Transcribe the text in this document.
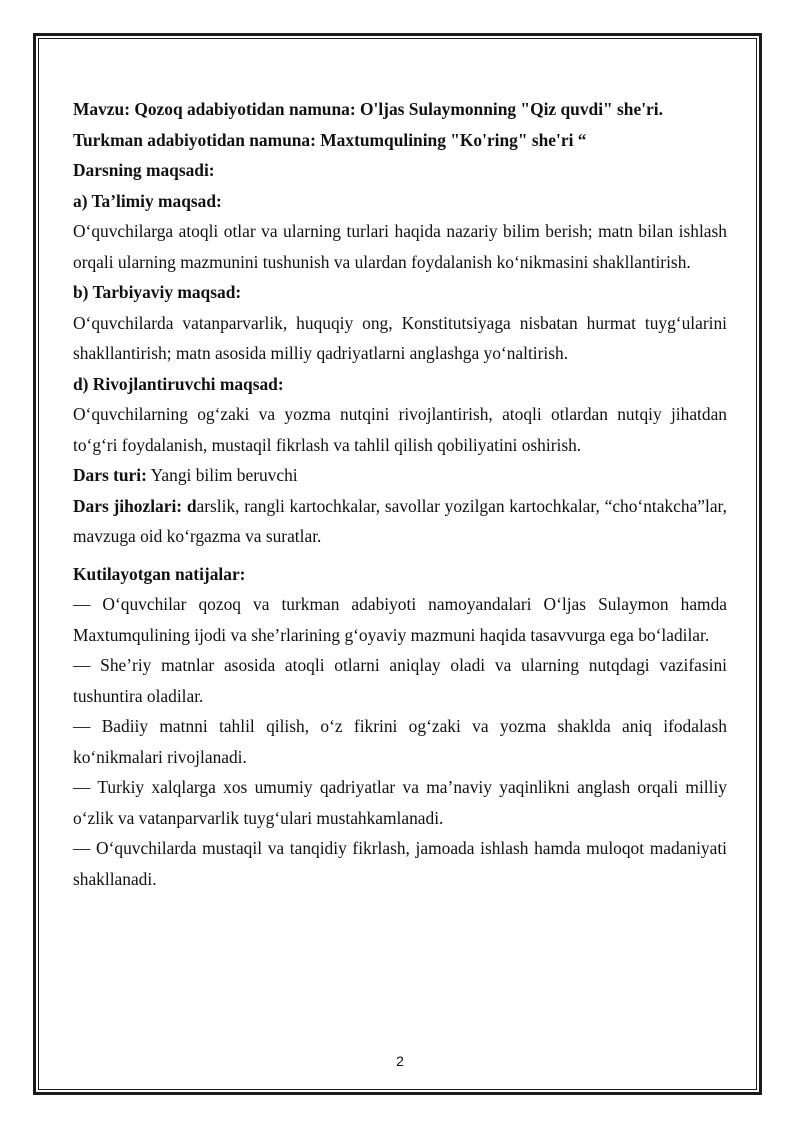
Mavzu: Qozoq adabiyotidan namuna: O'ljas Sulaymonning "Qiz quvdi" she'ri.

Turkman adabiyotidan namuna: Maxtumqulining "Ko'ring" she'ri “

Darsning maqsadi:

a) Ta’limiy maqsad:

O‘quvchilarga atoqli otlar va ularning turlari haqida nazariy bilim berish; matn bilan ishlash orqali ularning mazmunini tushunish va ulardan foydalanish ko‘nikmasini shakllantirish.

b) Tarbiyaviy maqsad:

O‘quvchilarda vatanparvarlik, huquqiy ong, Konstitutsiyaga nisbatan hurmat tuyg‘ularini shakllantirish; matn asosida milliy qadriyatlarni anglashga yo‘naltirish.

d) Rivojlantiruvchi maqsad:

O‘quvchilarning og‘zaki va yozma nutqini rivojlantirish, atoqli otlardan nutqiy jihatdan to‘g‘ri foydalanish, mustaqil fikrlash va tahlil qilish qobiliyatini oshirish.

Dars turi: Yangi bilim beruvchi

Dars jihozlari: darslik, rangli kartochkalar, savollar yozilgan kartochkalar, “cho‘ntakcha”lar, mavzuga oid ko‘rgazma va suratlar.

Kutilayotgan natijalar:

— O‘quvchilar qozoq va turkman adabiyoti namoyandalari O‘ljas Sulaymon hamda Maxtumqulining ijodi va she’rlarining g‘oyaviy mazmuni haqida tasavvurga ega bo‘ladilar.

— She’riy matnlar asosida atoqli otlarni aniqlay oladi va ularning nutqdagi vazifasini tushuntira oladilar.

— Badiiy matnni tahlil qilish, o‘z fikrini og‘zaki va yozma shaklda aniq ifodalash ko‘nikmalari rivojlanadi.

— Turkiy xalqlarga xos umumiy qadriyatlar va ma’naviy yaqinlikni anglash orqali milliy o‘zlik va vatanparvarlik tuyg‘ulari mustahkamlanadi.

— O‘quvchilarda mustaqil va tanqidiy fikrlash, jamoada ishlash hamda muloqot madaniyati shakllanadi.

2
